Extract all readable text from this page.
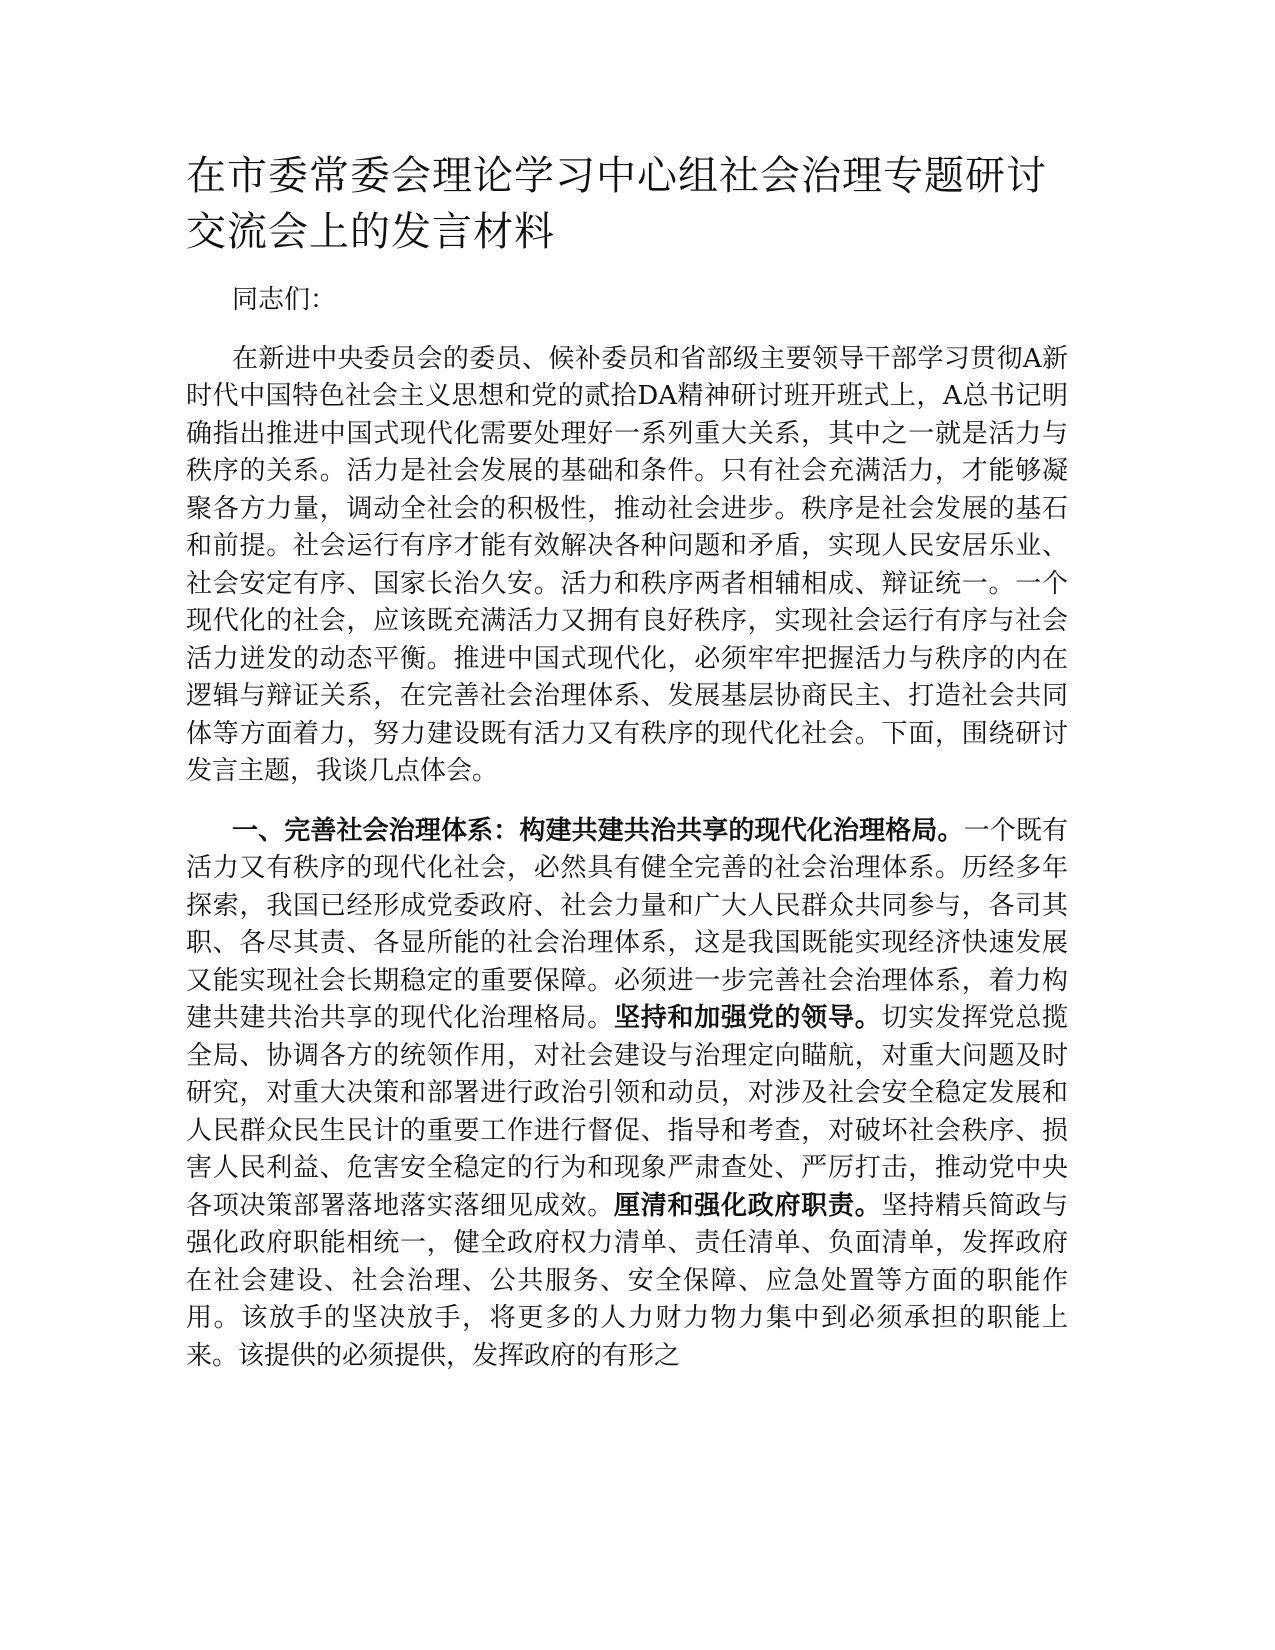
在市委常委会理论学习中心组社会治理专题研讨交流会上的发言材料

同志们：

在新进中央委员会的委员、候补委员和省部级主要领导干部学习贯彻A新时代中国特色社会主义思想和党的贰拾DA精神研讨班开班式上，A总书记明确指出推进中国式现代化需要处理好一系列重大关系，其中之一就是活力与秩序的关系。活力是社会发展的基础和条件。只有社会充满活力，才能够凝聚各方力量，调动全社会的积极性，推动社会进步。秩序是社会发展的基石和前提。社会运行有序才能有效解决各种问题和矛盾，实现人民安居乐业、社会安定有序、国家长治久安。活力和秩序两者相辅相成、辩证统一。一个现代化的社会，应该既充满活力又拥有良好秩序，实现社会运行有序与社会活力迸发的动态平衡。推进中国式现代化，必须牢牢把握活力与秩序的内在逻辑与辩证关系，在完善社会治理体系、发展基层协商民主、打造社会共同体等方面着力，努力建设既有活力又有秩序的现代化社会。下面，围绕研讨发言主题，我谈几点体会。

一、完善社会治理体系：构建共建共治共享的现代化治理格局。一个既有活力又有秩序的现代化社会，必然具有健全完善的社会治理体系。历经多年探索，我国已经形成党委政府、社会力量和广大人民群众共同参与，各司其职、各尽其责、各显所能的社会治理体系，这是我国既能实现经济快速发展又能实现社会长期稳定的重要保障。必须进一步完善社会治理体系，着力构建共建共治共享的现代化治理格局。坚持和加强党的领导。切实发挥党总揽全局、协调各方的统领作用，对社会建设与治理定向瞄航，对重大问题及时研究，对重大决策和部署进行政治引领和动员，对涉及社会安全稳定发展和人民群众民生民计的重要工作进行督促、指导和考查，对破坏社会秩序、损害人民利益、危害安全稳定的行为和现象严肃查处、严厉打击，推动党中央各项决策部署落地落实落细见成效。厘清和强化政府职责。坚持精兵简政与强化政府职能相统一，健全政府权力清单、责任清单、负面清单，发挥政府在社会建设、社会治理、公共服务、安全保障、应急处置等方面的职能作用。该放手的坚决放手，将更多的人力财力物力集中到必须承担的职能上来。该提供的必须提供，发挥政府的有形之
